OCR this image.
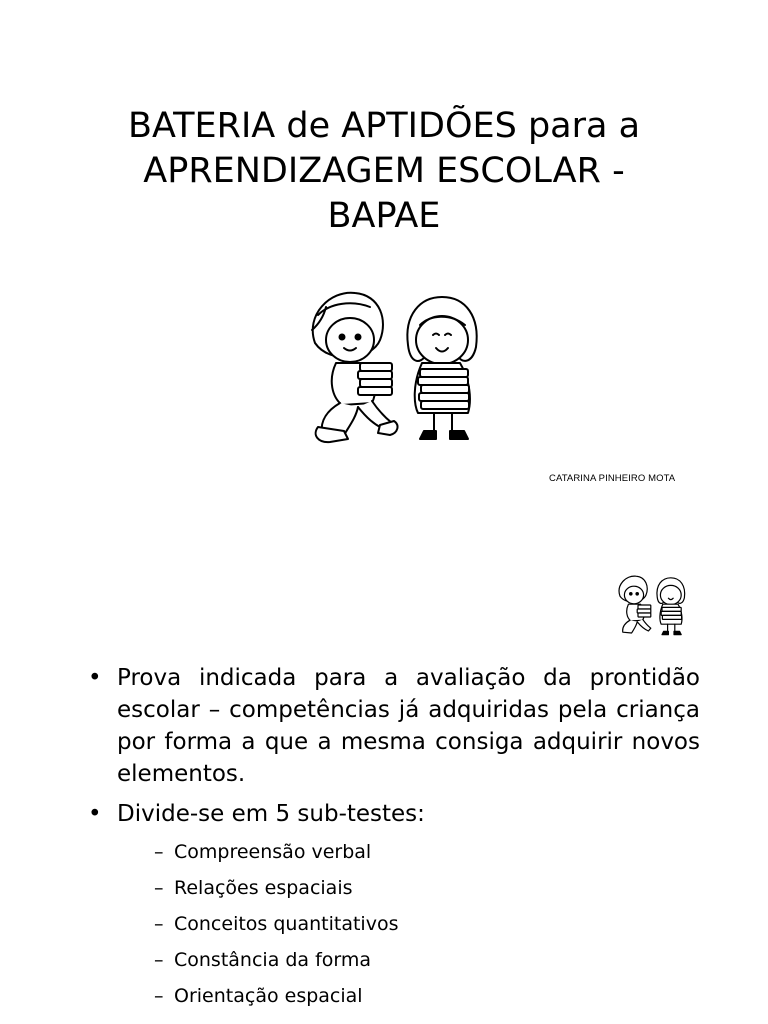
BATERIA de APTIDÕES para a
APRENDIZAGEM ESCOLAR -
BAPAE
CATARINA PINHEIRO MOTA
• Prova indicada para a avaliação da prontidão escolar – competências já adquiridas pela criança por forma a que a mesma consiga adquirir novos elementos.
• Divide-se em 5 sub-testes:
– Compreensão verbal
– Relações espaciais
– Conceitos quantitativos
– Constância da forma
– Orientação espacial
